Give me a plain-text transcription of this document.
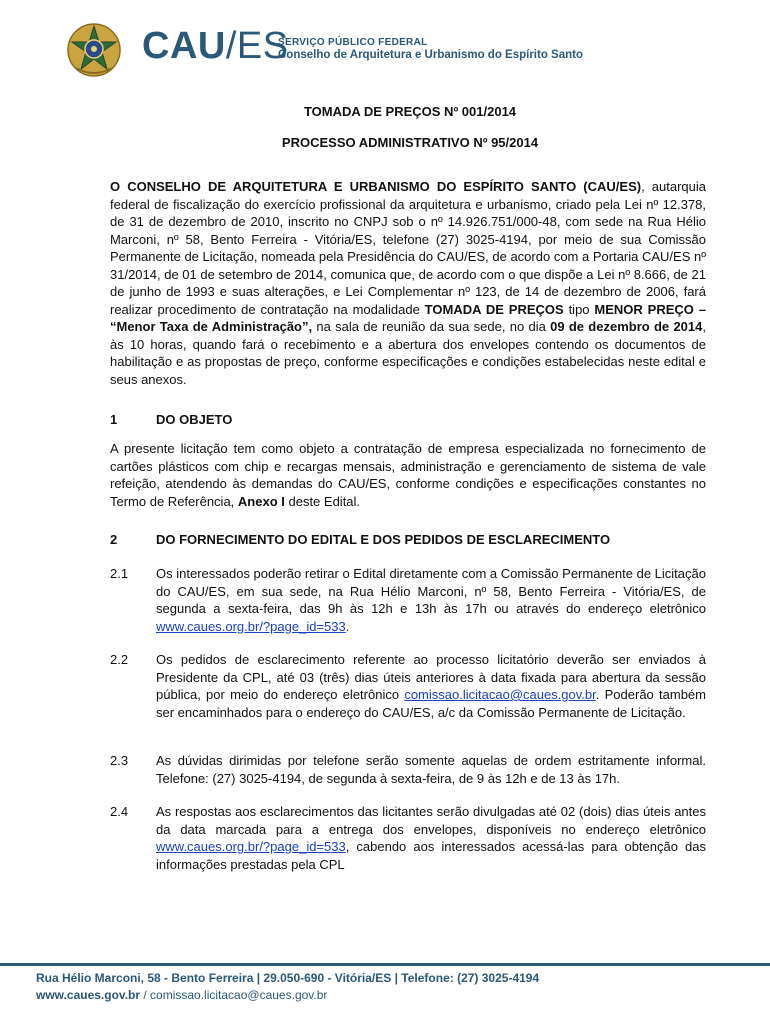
CAU/ES
SERVIÇO PÚBLICO FEDERAL
Conselho de Arquitetura e Urbanismo do Espírito Santo
TOMADA DE PREÇOS Nº 001/2014
PROCESSO ADMINISTRATIVO Nº 95/2014
O CONSELHO DE ARQUITETURA E URBANISMO DO ESPÍRITO SANTO (CAU/ES), autarquia federal de fiscalização do exercício profissional da arquitetura e urbanismo, criado pela Lei nº 12.378, de 31 de dezembro de 2010, inscrito no CNPJ sob o nº 14.926.751/000-48, com sede na Rua Hélio Marconi, nº 58, Bento Ferreira - Vitória/ES, telefone (27) 3025-4194, por meio de sua Comissão Permanente de Licitação, nomeada pela Presidência do CAU/ES, de acordo com a Portaria CAU/ES nº 31/2014, de 01 de setembro de 2014, comunica que, de acordo com o que dispõe a Lei nº 8.666, de 21 de junho de 1993 e suas alterações, e Lei Complementar nº 123, de 14 de dezembro de 2006, fará realizar procedimento de contratação na modalidade TOMADA DE PREÇOS tipo MENOR PREÇO – “Menor Taxa de Administração”, na sala de reunião da sua sede, no dia 09 de dezembro de 2014, às 10 horas, quando fará o recebimento e a abertura dos envelopes contendo os documentos de habilitação e as propostas de preço, conforme especificações e condições estabelecidas neste edital e seus anexos.
1	DO OBJETO
A presente licitação tem como objeto a contratação de empresa especializada no fornecimento de cartões plásticos com chip e recargas mensais, administração e gerenciamento de sistema de vale refeição, atendendo às demandas do CAU/ES, conforme condições e especificações constantes no Termo de Referência, Anexo I deste Edital.
2	DO FORNECIMENTO DO EDITAL E DOS PEDIDOS DE ESCLARECIMENTO
2.1 Os interessados poderão retirar o Edital diretamente com a Comissão Permanente de Licitação do CAU/ES, em sua sede, na Rua Hélio Marconi, nº 58, Bento Ferreira - Vitória/ES, de segunda a sexta-feira, das 9h às 12h e 13h às 17h ou através do endereço eletrônico www.caues.org.br/?page_id=533.
2.2 Os pedidos de esclarecimento referente ao processo licitatório deverão ser enviados à Presidente da CPL, até 03 (três) dias úteis anteriores à data fixada para abertura da sessão pública, por meio do endereço eletrônico comissao.licitacao@caues.gov.br. Poderão também ser encaminhados para o endereço do CAU/ES, a/c da Comissão Permanente de Licitação.
2.3 As dúvidas dirimidas por telefone serão somente aquelas de ordem estritamente informal. Telefone: (27) 3025-4194, de segunda à sexta-feira, de 9 às 12h e de 13 às 17h.
2.4 As respostas aos esclarecimentos das licitantes serão divulgadas até 02 (dois) dias úteis antes da data marcada para a entrega dos envelopes, disponíveis no endereço eletrônico www.caues.org.br/?page_id=533, cabendo aos interessados acessá-las para obtenção das informações prestadas pela CPL
Rua Hélio Marconi, 58 - Bento Ferreira | 29.050-690 - Vitória/ES | Telefone: (27) 3025-4194
www.caues.gov.br / comissao.licitacao@caues.gov.br
